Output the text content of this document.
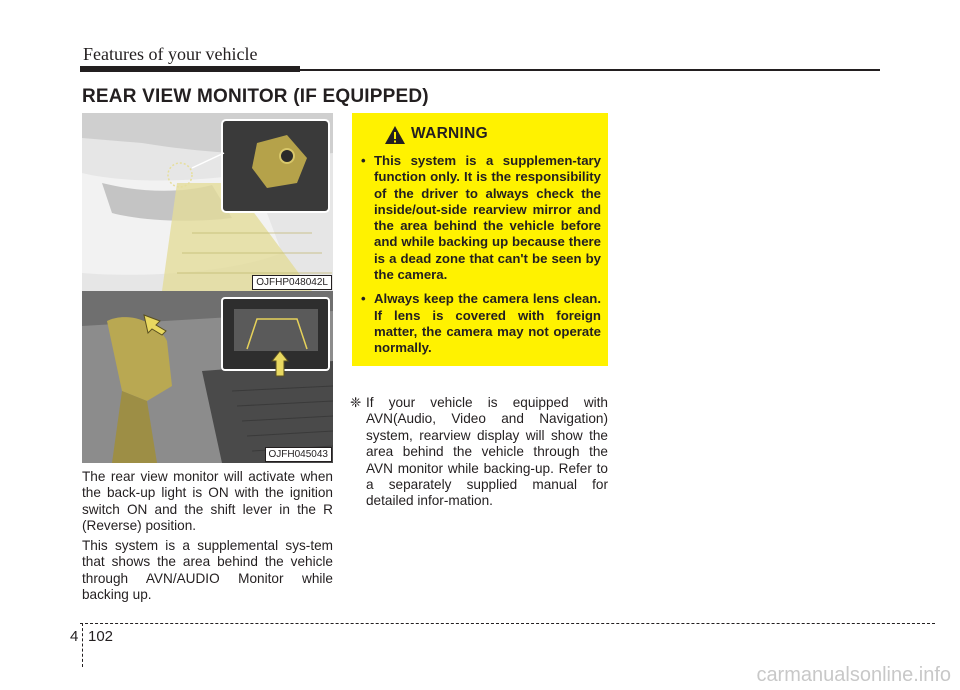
Features of your vehicle
REAR VIEW MONITOR (IF EQUIPPED)
OJFHP048042L
OJFH045043
The rear view monitor will activate when the back-up light is ON with the ignition switch ON and the shift lever in the R (Reverse) position.
This system is a supplemental sys-tem that shows the area behind the vehicle through AVN/AUDIO Monitor while backing up.
WARNING
• This system is a supplemen-tary function only. It is the responsibility of the driver to always check the inside/out-side rearview mirror and the area behind the vehicle before and while backing up because there is a dead zone that can't be seen by the camera.
• Always keep the camera lens clean. If lens is covered with foreign matter, the camera may not operate normally.
❈ If your vehicle is equipped with AVN(Audio, Video and Navigation) system, rearview display will show the area behind the vehicle through the AVN monitor while backing-up. Refer to a separately supplied manual for detailed infor-mation.
4 102
carmanualsonline.info
